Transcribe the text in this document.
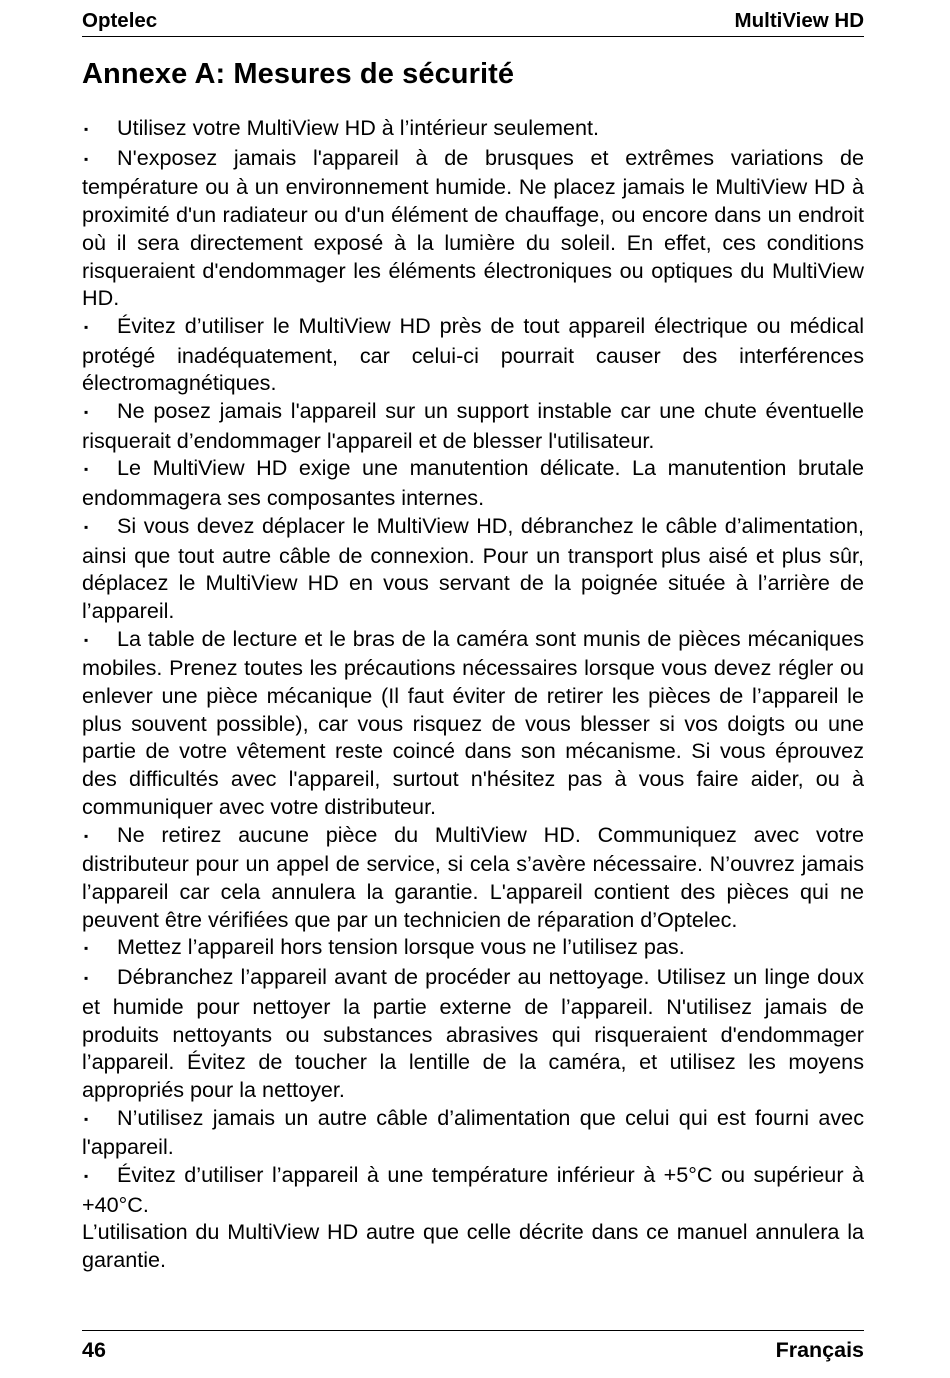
Optelec	MultiView HD
Annexe A: Mesures de sécurité

▪ Utilisez votre MultiView HD à l’intérieur seulement.

▪ N'exposez jamais l'appareil à de brusques et extrêmes variations de température ou à un environnement humide. Ne placez jamais le MultiView HD à proximité d'un radiateur ou d'un élément de chauffage, ou encore dans un endroit où il sera directement exposé à la lumière du soleil. En effet, ces conditions risqueraient d'endommager les éléments électroniques ou optiques du MultiView HD.

▪ Évitez d’utiliser le MultiView HD près de tout appareil électrique ou médical protégé inadéquatement, car celui-ci pourrait causer des interférences électromagnétiques.

▪ Ne posez jamais l'appareil sur un support instable car une chute éventuelle risquerait d’endommager l'appareil et de blesser l'utilisateur.

▪ Le MultiView HD exige une manutention délicate. La manutention brutale endommagera ses composantes internes.

▪ Si vous devez déplacer le MultiView HD, débranchez le câble d’alimentation, ainsi que tout autre câble de connexion. Pour un transport plus aisé et plus sûr, déplacez le MultiView HD en vous servant de la poignée située à l’arrière de l’appareil.

▪ La table de lecture et le bras de la caméra sont munis de pièces mécaniques mobiles. Prenez toutes les précautions nécessaires lorsque vous devez régler ou enlever une pièce mécanique (Il faut éviter de retirer les pièces de l’appareil le plus souvent possible), car vous risquez de vous blesser si vos doigts ou une partie de votre vêtement reste coincé dans son mécanisme. Si vous éprouvez des difficultés avec l'appareil, surtout n'hésitez pas à vous faire aider, ou à communiquer avec votre distributeur.

▪ Ne retirez aucune pièce du MultiView HD. Communiquez avec votre distributeur pour un appel de service, si cela s’avère nécessaire. N’ouvrez jamais l’appareil car cela annulera la garantie. L'appareil contient des pièces qui ne peuvent être vérifiées que par un technicien de réparation d’Optelec.

▪ Mettez l’appareil hors tension lorsque vous ne l’utilisez pas.

▪ Débranchez l’appareil avant de procéder au nettoyage. Utilisez un linge doux et humide pour nettoyer la partie externe de l’appareil. N'utilisez jamais de produits nettoyants ou substances abrasives qui risqueraient d'endommager l’appareil. Évitez de toucher la lentille de la caméra, et utilisez les moyens appropriés pour la nettoyer.

▪ N’utilisez jamais un autre câble d’alimentation que celui qui est fourni avec l'appareil.

▪ Évitez d’utiliser l’appareil à une température inférieur à +5°C ou supérieur à +40°C.

L’utilisation du MultiView HD autre que celle décrite dans ce manuel annulera la garantie.

46	Français
